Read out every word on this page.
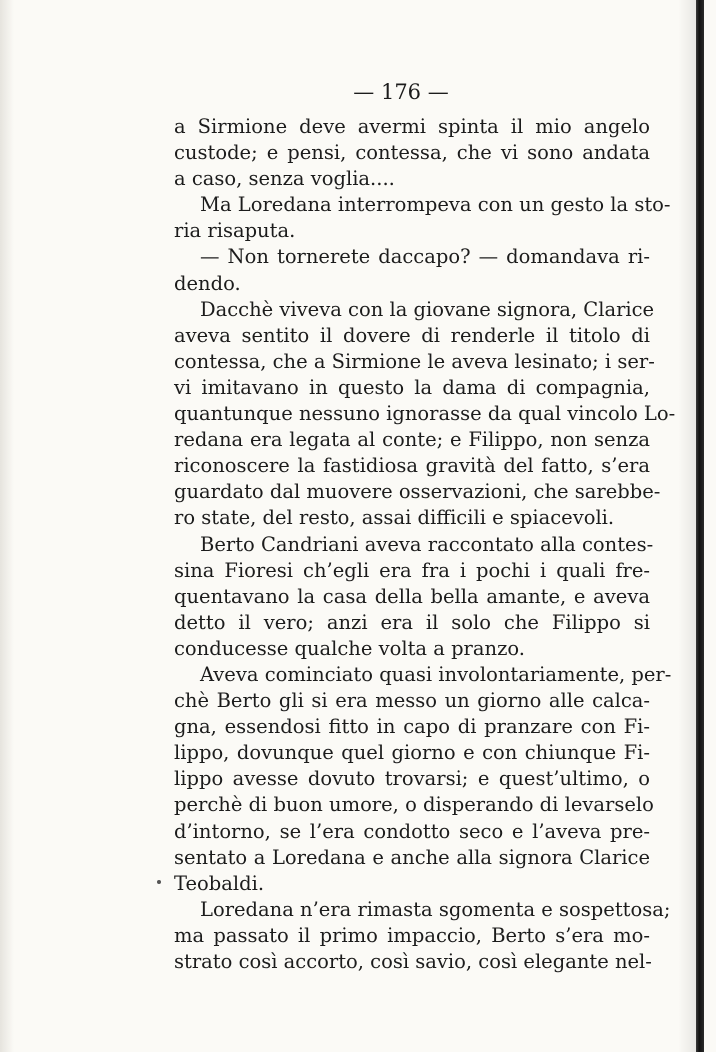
— 176 —
a Sirmione deve avermi spinta il mio angelo
custode; e pensi, contessa, che vi sono andata
a caso, senza voglia....
Ma Loredana interrompeva con un gesto la sto-
ria risaputa.
— Non tornerete daccapo? — domandava ri-
dendo.
Dacchè viveva con la giovane signora, Clarice
aveva sentito il dovere di renderle il titolo di
contessa, che a Sirmione le aveva lesinato; i ser-
vi imitavano in questo la dama di compagnia,
quantunque nessuno ignorasse da qual vincolo Lo-
redana era legata al conte; e Filippo, non senza
riconoscere la fastidiosa gravità del fatto, s’era
guardato dal muovere osservazioni, che sarebbe-
ro state, del resto, assai difficili e spiacevoli.
Berto Candriani aveva raccontato alla contes-
sina Fioresi ch’egli era fra i pochi i quali fre-
quentavano la casa della bella amante, e aveva
detto il vero; anzi era il solo che Filippo si
conducesse qualche volta a pranzo.
Aveva cominciato quasi involontariamente, per-
chè Berto gli si era messo un giorno alle calca-
gna, essendosi fitto in capo di pranzare con Fi-
lippo, dovunque quel giorno e con chiunque Fi-
lippo avesse dovuto trovarsi; e quest’ultimo, o
perchè di buon umore, o disperando di levarselo
d’intorno, se l’era condotto seco e l’aveva pre-
sentato a Loredana e anche alla signora Clarice
Teobaldi.
Loredana n’era rimasta sgomenta e sospettosa;
ma passato il primo impaccio, Berto s’era mo-
strato così accorto, così savio, così elegante nel-
